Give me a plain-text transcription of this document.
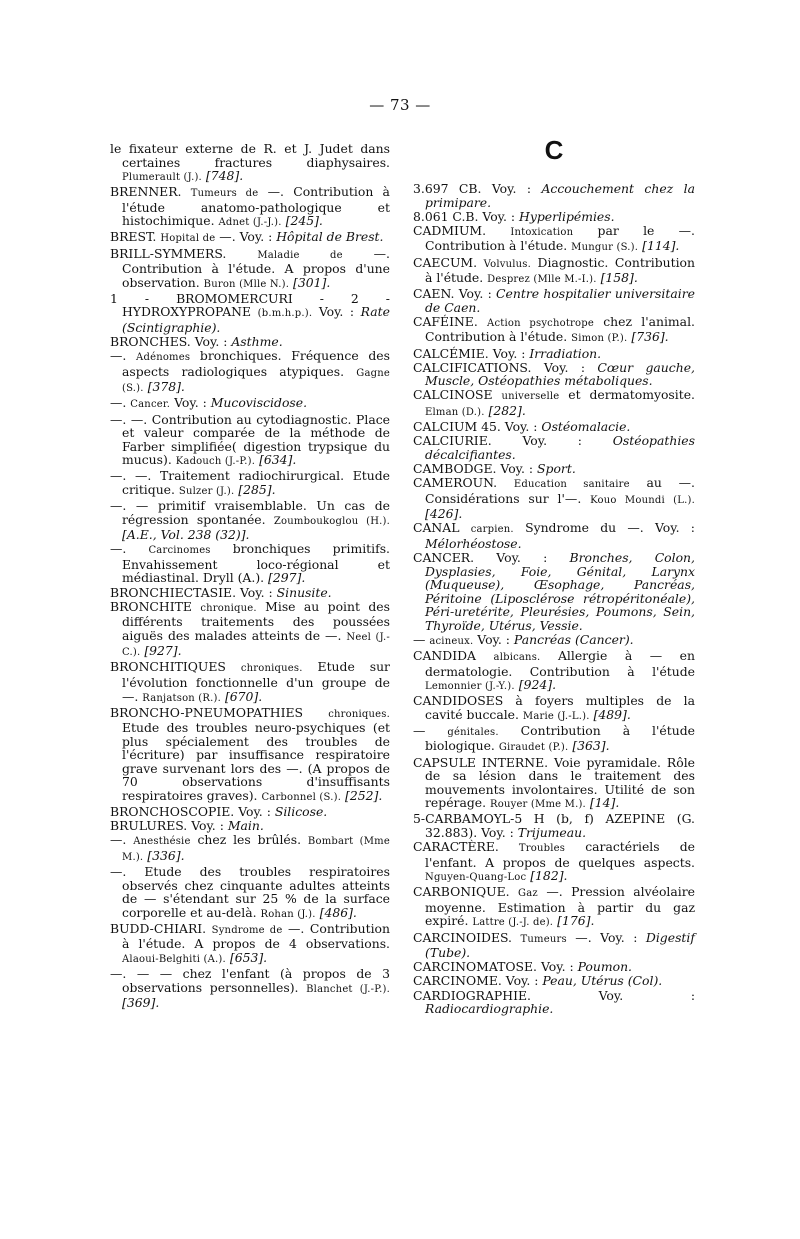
— 73 —
le fixateur externe de R. et J. Judet dans certaines fractures diaphysaires. Plumerault (J.). [748].
BRENNER. Tumeurs de —. Contribution à l'étude anatomo-pathologique et histochimique. Adnet (J.-J.). [245].
BREST. Hopital de —. Voy. : Hôpital de Brest.
BRILL-SYMMERS.	Maladie de —. Contribution à l'étude. A propos d'une observation. Buron (Mlle N.). [301].
1 - BROMOMERCURI - 2 - HYDROXYPROPANE (b.m.h.p.). Voy. : Rate (Scintigraphie).
BRONCHES. Voy. : Asthme.
—. Adénomes bronchiques. Fréquence des aspects radiologiques atypiques. Gagne (S.). [378].
—. Cancer. Voy. : Mucoviscidose.
—. —. Contribution au cytodiagnostic. Place et valeur comparée de la méthode de Farber simplifiée( digestion trypsique du mucus). Kadouch (J.-P.). [634].
—. —. Traitement radiochirurgical. Etude critique. Sulzer (J.). [285].
—. — primitif vraisemblable. Un cas de régression spontanée. Zoumboukoglou (H.). [A.E., Vol. 238 (32)].
—. Carcinomes bronchiques primitifs. Envahissement loco-régional et médiastinal. Dryll (A.). [297].
BRONCHIECTASIE. Voy. : Sinusite.
BRONCHITE chronique. Mise au point des différents traitements des poussées aiguës des malades atteints de —. Neel (J.-C.). [927].
BRONCHITIQUES chroniques. Etude sur l'évolution fonctionnelle d'un groupe de —. Ranjatson (R.). [670].
BRONCHO-PNEUMOPATHIES	chroniques. Etude des troubles neuro-psychiques (et plus spécialement des troubles de l'écriture) par insuffisance respiratoire grave survenant lors des —. (A propos de 70 observations d'insuffisants respiratoires graves). Carbonnel (S.). [252].
BRONCHOSCOPIE. Voy. : Silicose.
BRULURES. Voy. : Main.
—. Anesthésie chez les brûlés. Bombart (Mme M.). [336].
—. Etude des troubles respiratoires observés chez cinquante adultes atteints de — s'étendant sur 25 % de la surface corporelle et au-delà. Rohan (J.). [486].
BUDD-CHIARI. Syndrome de —. Contribution à l'étude. A propos de 4 observations. Alaoui-Belghiti (A.). [653].
—. — — chez l'enfant (à propos de 3 observations personnelles). Blanchet (J.-P.). [369].
C
3.697 CB. Voy. : Accouchement chez la primipare.
8.061 C.B. Voy. : Hyperlipémies.
CADMIUM. Intoxication par le —. Contribution à l'étude. Mungur (S.). [114].
CAECUM. Volvulus. Diagnostic. Contribution à l'étude. Desprez (Mlle M.-I.). [158].
CAEN. Voy. : Centre hospitalier universitaire de Caen.
CAFÉINE. Action psychotrope chez l'animal. Contribution à l'étude. Simon (P.). [736].
CALCÉMIE. Voy. : Irradiation.
CALCIFICATIONS. Voy. : Cœur gauche, Muscle, Ostéopathies métaboliques.
CALCINOSE universelle et dermatomyosite. Elman (D.). [282].
CALCIUM 45. Voy. : Ostéomalacie.
CALCIURIE. Voy. : Ostéopathies décalcifiantes.
CAMBODGE. Voy. : Sport.
CAMEROUN. Education sanitaire au —. Considérations sur l'—. Kouo Moundi (L.). [426].
CANAL carpien. Syndrome du —. Voy. : Mélorhéostose.
CANCER. Voy. : Bronches, Colon, Dysplasies, Foie, Génital, Larynx (Muqueuse), Œsophage, Pancréas, Péritoine (Liposclérose rétropéritonéale), Péri-uretérite, Pleurésies, Poumons, Sein, Thyroïde, Utérus, Vessie.
— acineux. Voy. : Pancréas (Cancer).
CANDIDA albicans. Allergie à — en dermatologie. Contribution à l'étude Lemonnier (J.-Y.). [924].
CANDIDOSES à foyers multiples de la cavité buccale. Marie (J.-L.). [489].
— génitales. Contribution à l'étude biologique. Giraudet (P.). [363].
CAPSULE INTERNE. Voie pyramidale. Rôle de sa lésion dans le traitement des mouvements involontaires. Utilité de son repérage. Rouyer (Mme M.). [14].
5-CARBAMOYL-5 H (b, f) AZEPINE (G. 32.883). Voy. : Trijumeau.
CARACTÈRE. Troubles caractériels de l'enfant. A propos de quelques aspects. Nguyen-Quang-Loc [182].
CARBONIQUE. Gaz —. Pression alvéolaire moyenne. Estimation à partir du gaz expiré. Lattre (J.-J. de). [176].
CARCINOIDES. Tumeurs —. Voy. : Digestif (Tube).
CARCINOMATOSE. Voy. : Poumon.
CARCINOME. Voy. : Peau, Utérus (Col).
CARDIOGRAPHIE.	Voy. : Radiocardiographie.
